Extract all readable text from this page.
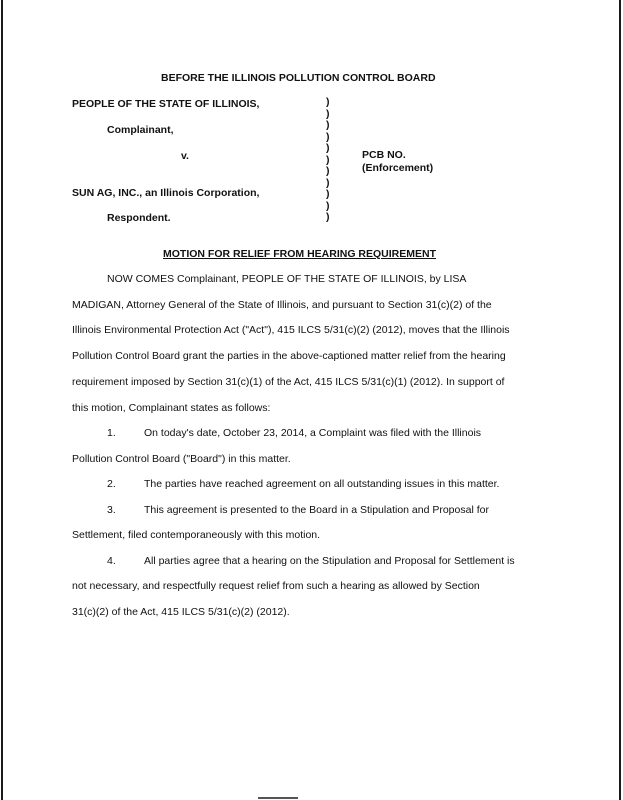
BEFORE THE ILLINOIS POLLUTION CONTROL BOARD
PEOPLE OF THE STATE OF ILLINOIS,
Complainant,
v.
SUN AG, INC., an Illinois Corporation,
Respondent.
)
)
)
)
)
)
)
)
)
)
)
PCB NO.
(Enforcement)
MOTION FOR RELIEF FROM HEARING REQUIREMENT
NOW COMES Complainant, PEOPLE OF THE STATE OF ILLINOIS, by LISA
MADIGAN, Attorney General of the State of Illinois, and pursuant to Section 31(c)(2) of the
Illinois Environmental Protection Act ("Act"), 415 ILCS 5/31(c)(2) (2012), moves that the Illinois
Pollution Control Board grant the parties in the above-captioned matter relief from the hearing
requirement imposed by Section 31(c)(1) of the Act, 415 ILCS 5/31(c)(1) (2012). In support of
this motion, Complainant states as follows:
1.	On today's date, October 23, 2014, a Complaint was filed with the Illinois
Pollution Control Board ("Board") in this matter.
2.	The parties have reached agreement on all outstanding issues in this matter.
3.	This agreement is presented to the Board in a Stipulation and Proposal for
Settlement, filed contemporaneously with this motion.
4.	All parties agree that a hearing on the Stipulation and Proposal for Settlement is
not necessary, and respectfully request relief from such a hearing as allowed by Section
31(c)(2) of the Act, 415 ILCS 5/31(c)(2) (2012).
